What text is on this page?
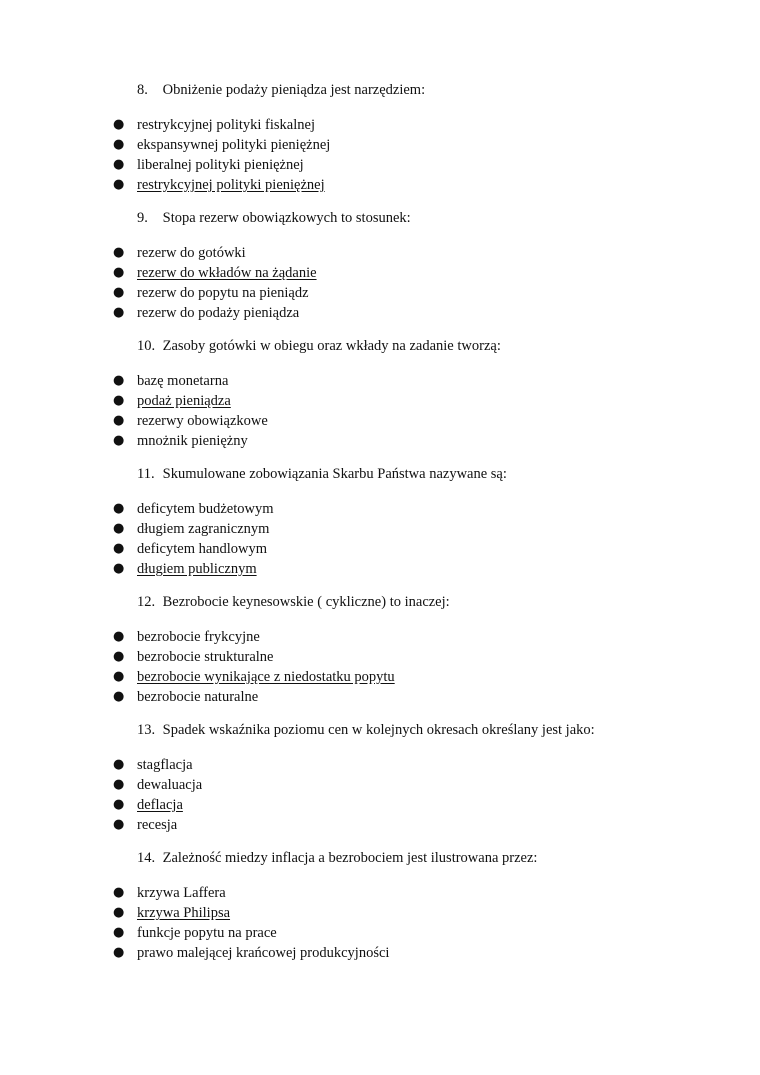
8. Obniżenie podaży pieniądza jest narzędziem:

● restrykcyjnej polityki fiskalnej
● ekspansywnej polityki pieniężnej
● liberalnej polityki pieniężnej
● restrykcyjnej polityki pieniężnej

9. Stopa rezerw obowiązkowych to stosunek:

● rezerw do gotówki
● rezerw do wkładów na żądanie
● rezerw do popytu na pieniądz
● rezerw do podaży pieniądza

10. Zasoby gotówki w obiegu oraz wkłady na zadanie tworzą:

● bazę monetarna
● podaż pieniądza
● rezerwy obowiązkowe
● mnożnik pieniężny

11. Skumulowane zobowiązania Skarbu Państwa nazywane są:

● deficytem budżetowym
● długiem zagranicznym
● deficytem handlowym
● długiem publicznym

12. Bezrobocie keynesowskie ( cykliczne) to inaczej:

● bezrobocie frykcyjne
● bezrobocie strukturalne
● bezrobocie wynikające z niedostatku popytu
● bezrobocie naturalne

13. Spadek wskaźnika poziomu cen w kolejnych okresach określany jest jako:

● stagflacja
● dewaluacja
● deflacja
● recesja

14. Zależność miedzy inflacja a bezrobociem jest ilustrowana przez:

● krzywa Laffera
● krzywa Philipsa
● funkcje popytu na prace
● prawo malejącej krańcowej produkcyjności
